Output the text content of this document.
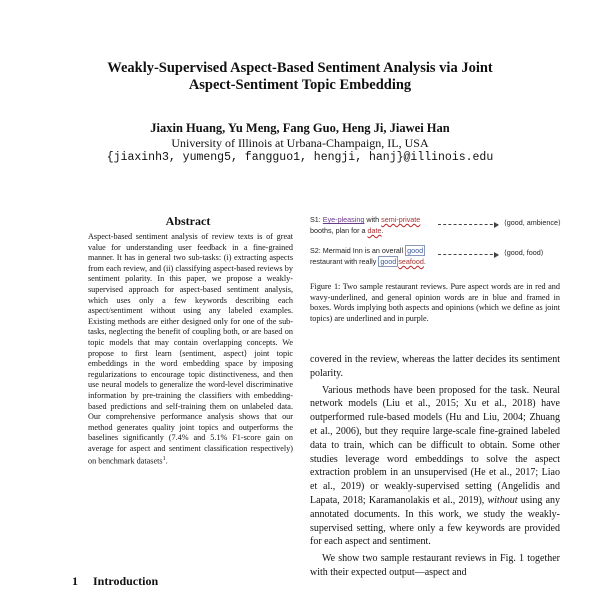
Weakly-Supervised Aspect-Based Sentiment Analysis via Joint
Aspect-Sentiment Topic Embedding
Jiaxin Huang, Yu Meng, Fang Guo, Heng Ji, Jiawei Han
University of Illinois at Urbana-Champaign, IL, USA
{jiaxinh3, yumeng5, fangguo1, hengji, hanj}@illinois.edu
Abstract

Aspect-based sentiment analysis of review texts is of great value for understanding user feedback in a fine-grained manner. It has in general two sub-tasks: (i) extracting aspects from each review, and (ii) classifying aspect-based reviews by sentiment polarity. In this paper, we propose a weakly-supervised approach for aspect-based sentiment analysis, which uses only a few keywords describing each aspect/sentiment without using any labeled examples. Existing methods are either designed only for one of the sub-tasks, neglecting the benefit of coupling both, or are based on topic models that may contain overlapping concepts. We propose to first learn ⟨sentiment, aspect⟩ joint topic embeddings in the word embedding space by imposing regularizations to encourage topic distinctiveness, and then use neural models to generalize the word-level discriminative information by pre-training the classifiers with embedding-based predictions and self-training them on unlabeled data. Our comprehensive performance analysis shows that our method generates quality joint topics and outperforms the baselines significantly (7.4% and 5.1% F1-score gain on average for aspect and sentiment classification respectively) on benchmark datasets$^1$.

1 Introduction
S1: Eye-pleasing with semi-private booths, plan for a date.
⟨good, ambience⟩
S2: Mermaid Inn is an overall good restaurant with really good seafood.
⟨good, food⟩

Figure 1: Two sample restaurant reviews. Pure aspect words are in red and wavy-underlined, and general opinion words are in blue and framed in boxes. Words implying both aspects and opinions (which we define as joint topics) are underlined and in purple.

covered in the review, whereas the latter decides its sentiment polarity.

Various methods have been proposed for the task. Neural network models (Liu et al., 2015; Xu et al., 2018) have outperformed rule-based models (Hu and Liu, 2004; Zhuang et al., 2006), but they require large-scale fine-grained labeled data to train, which can be difficult to obtain. Some other studies leverage word embeddings to solve the aspect extraction problem in an unsupervised (He et al., 2017; Liao et al., 2019) or weakly-supervised setting (Angelidis and Lapata, 2018; Karamanolakis et al., 2019), without using any annotated documents. In this work, we study the weakly-supervised setting, where only a few keywords are provided for each aspect and sentiment.

We show two sample restaurant reviews in Fig. 1 together with their expected output—aspect and
